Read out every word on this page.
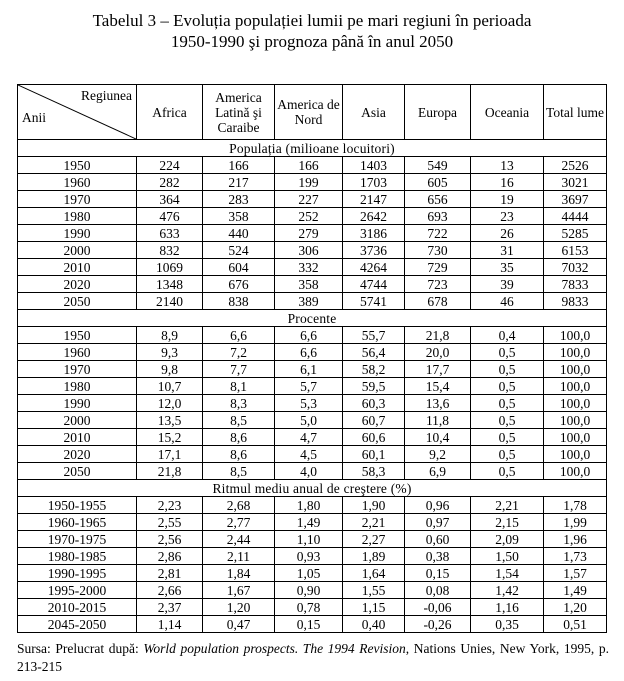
Tabelul 3 – Evoluția populației lumii pe mari regiuni în perioada
1950-1990 şi prognoza până în anul 2050
Regiunea
Anii	Africa	America Latină şi Caraibe	America de Nord	Asia	Europa	Oceania	Total lume
Populația (milioane locuitori)							
1950	224	166	166	1403	549	13	2526
1960	282	217	199	1703	605	16	3021
1970	364	283	227	2147	656	19	3697
1980	476	358	252	2642	693	23	4444
1990	633	440	279	3186	722	26	5285
2000	832	524	306	3736	730	31	6153
2010	1069	604	332	4264	729	35	7032
2020	1348	676	358	4744	723	39	7833
2050	2140	838	389	5741	678	46	9833
Procente							
1950	8,9	6,6	6,6	55,7	21,8	0,4	100,0
1960	9,3	7,2	6,6	56,4	20,0	0,5	100,0
1970	9,8	7,7	6,1	58,2	17,7	0,5	100,0
1980	10,7	8,1	5,7	59,5	15,4	0,5	100,0
1990	12,0	8,3	5,3	60,3	13,6	0,5	100,0
2000	13,5	8,5	5,0	60,7	11,8	0,5	100,0
2010	15,2	8,6	4,7	60,6	10,4	0,5	100,0
2020	17,1	8,6	4,5	60,1	9,2	0,5	100,0
2050	21,8	8,5	4,0	58,3	6,9	0,5	100,0
Ritmul mediu anual de creştere (%)							
1950-1955	2,23	2,68	1,80	1,90	0,96	2,21	1,78
1960-1965	2,55	2,77	1,49	2,21	0,97	2,15	1,99
1970-1975	2,56	2,44	1,10	2,27	0,60	2,09	1,96
1980-1985	2,86	2,11	0,93	1,89	0,38	1,50	1,73
1990-1995	2,81	1,84	1,05	1,64	0,15	1,54	1,57
1995-2000	2,66	1,67	0,90	1,55	0,08	1,42	1,49
2010-2015	2,37	1,20	0,78	1,15	-0,06	1,16	1,20
2045-2050	1,14	0,47	0,15	0,40	-0,26	0,35	0,51
Sursa: Prelucrat după: World population prospects. The 1994 Revision, Nations Unies, New York, 1995, p. 213-215
